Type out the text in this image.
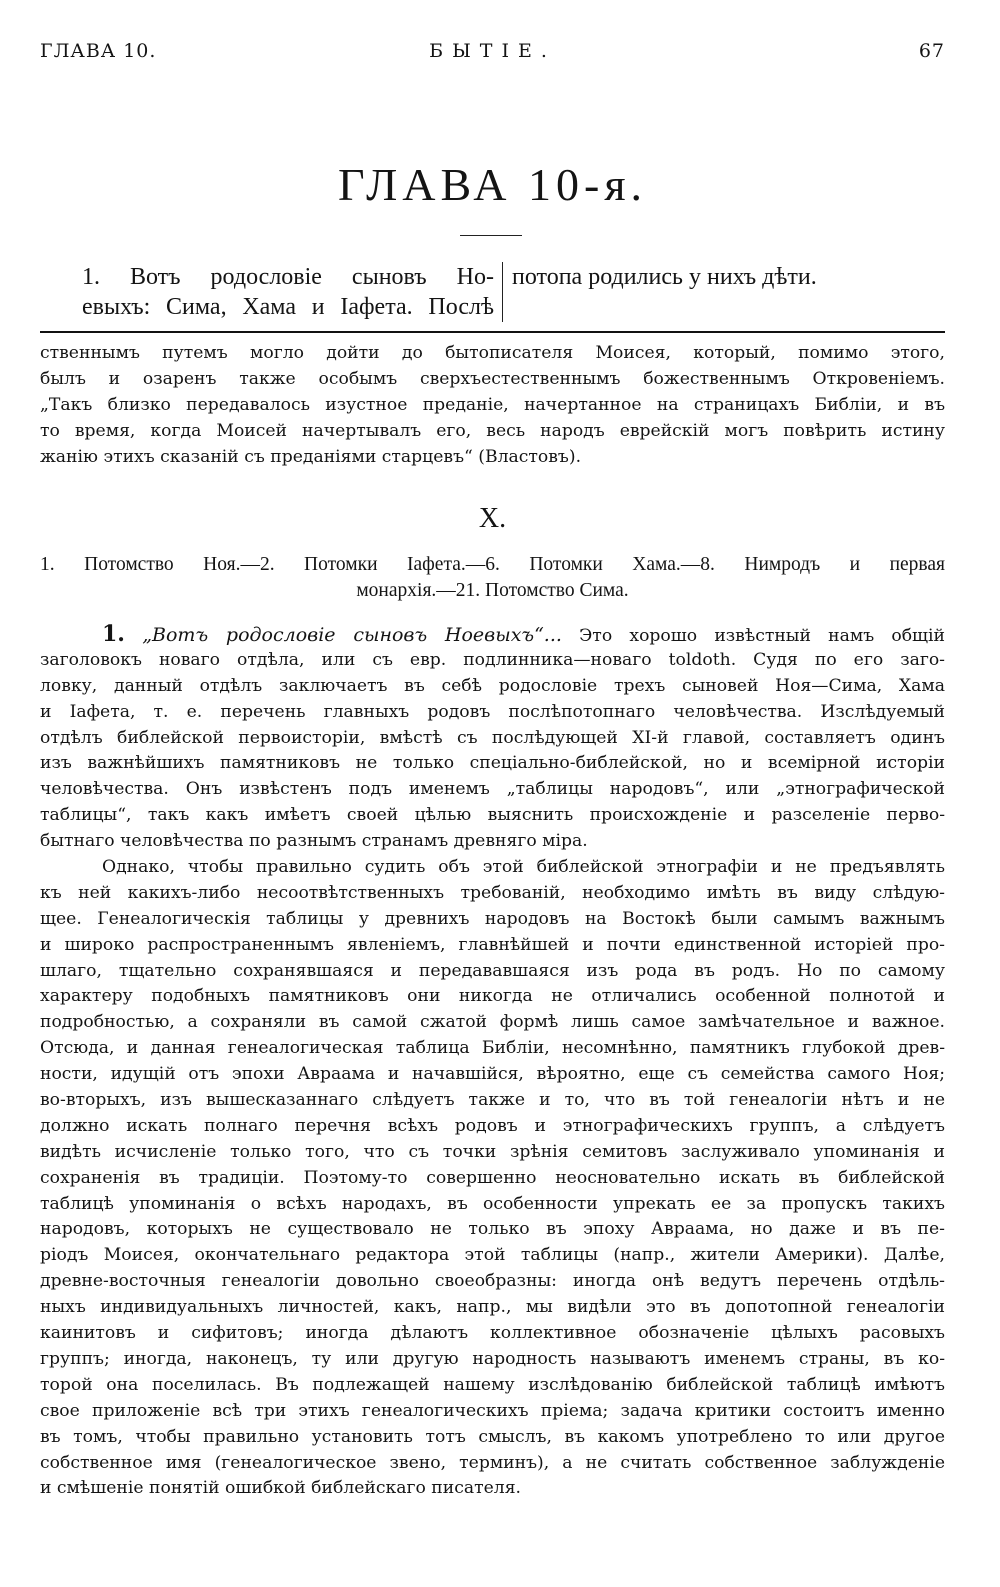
ГЛАВА 10.	БЫТІЕ.	67
ГЛАВА 10-я.
1. Вотъ родословіе сыновъ Но-
евыхъ: Сима, Хама и Іафета. Послѣ
потопа родились у нихъ дѣти.
ственнымъ путемъ могло дойти до бытописателя Моисея, который, помимо этого,
былъ и озаренъ также особымъ сверхъестественнымъ божественнымъ Откровеніемъ.
„Такъ близко передавалось изустное преданіе, начертанное на страницахъ Библіи, и въ
то время, когда Моисей начертывалъ его, весь народъ еврейскій могъ повѣрить истину
жанію этихъ сказаній съ преданіями старцевъ“ (Властовъ).
X.
1. Потомство Ноя.—2. Потомки Іафета.—6. Потомки Хама.—8. Нимродъ и первая
монархія.—21. Потомство Сима.
1. „Вотъ родословіе сыновъ Ноевыхъ“... Это хорошо извѣстный намъ общій
заголовокъ новаго отдѣла, или съ евр. подлинника—новаго toldoth. Судя по его заго-
ловку, данный отдѣлъ заключаетъ въ себѣ родословіе трехъ сыновей Ноя—Сима, Хама
и Іафета, т. е. перечень главныхъ родовъ послѣпотопнаго человѣчества. Изслѣдуемый
отдѣлъ библейской первоисторіи, вмѣстѣ съ послѣдующей XI-й главой, составляетъ одинъ
изъ важнѣйшихъ памятниковъ не только спеціально-библейской, но и всемірной исторіи
человѣчества. Онъ извѣстенъ подъ именемъ „таблицы народовъ“, или „этнографической
таблицы“, такъ какъ имѣетъ своей цѣлью выяснить происхожденіе и разселеніе перво-
бытнаго человѣчества по разнымъ странамъ древняго міра.
Однако, чтобы правильно судить объ этой библейской этнографіи и не предъявлять
къ ней какихъ-либо несоотвѣтственныхъ требованій, необходимо имѣть въ виду слѣдую-
щее. Генеалогическія таблицы у древнихъ народовъ на Востокѣ были самымъ важнымъ
и широко распространеннымъ явленіемъ, главнѣйшей и почти единственной исторіей про-
шлаго, тщательно сохранявшаяся и передававшаяся изъ рода въ родъ. Но по самому
характеру подобныхъ памятниковъ они никогда не отличались особенной полнотой и
подробностью, а сохраняли въ самой сжатой формѣ лишь самое замѣчательное и важное.
Отсюда, и данная генеалогическая таблица Библіи, несомнѣнно, памятникъ глубокой древ-
ности, идущій отъ эпохи Авраама и начавшійся, вѣроятно, еще съ семейства самого Ноя;
во-вторыхъ, изъ вышесказаннаго слѣдуетъ также и то, что въ той генеалогіи нѣтъ и не
должно искать полнаго перечня всѣхъ родовъ и этнографическихъ группъ, а слѣдуетъ
видѣть исчисленіе только того, что съ точки зрѣнія семитовъ заслуживало упоминанія и
сохраненія въ традиціи. Поэтому-то совершенно неосновательно искать въ библейской
таблицѣ упоминанія о всѣхъ народахъ, въ особенности упрекать ее за пропускъ такихъ
народовъ, которыхъ не существовало не только въ эпоху Авраама, но даже и въ пе-
ріодъ Моисея, окончательнаго редактора этой таблицы (напр., жители Америки). Далѣе,
древне-восточныя генеалогіи довольно своеобразны: иногда онѣ ведутъ перечень отдѣль-
ныхъ индивидуальныхъ личностей, какъ, напр., мы видѣли это въ допотопной генеалогіи
каинитовъ и сифитовъ; иногда дѣлаютъ коллективное обозначеніе цѣлыхъ расовыхъ
группъ; иногда, наконецъ, ту или другую народность называютъ именемъ страны, въ ко-
торой она поселилась. Въ подлежащей нашему изслѣдованію библейской таблицѣ имѣютъ
свое приложеніе всѣ три этихъ генеалогическихъ пріема; задача критики состоитъ именно
въ томъ, чтобы правильно установить тотъ смыслъ, въ какомъ употреблено то или другое
собственное имя (генеалогическое звено, терминъ), а не считать собственное заблужденіе
и смѣшеніе понятій ошибкой библейскаго писателя.
